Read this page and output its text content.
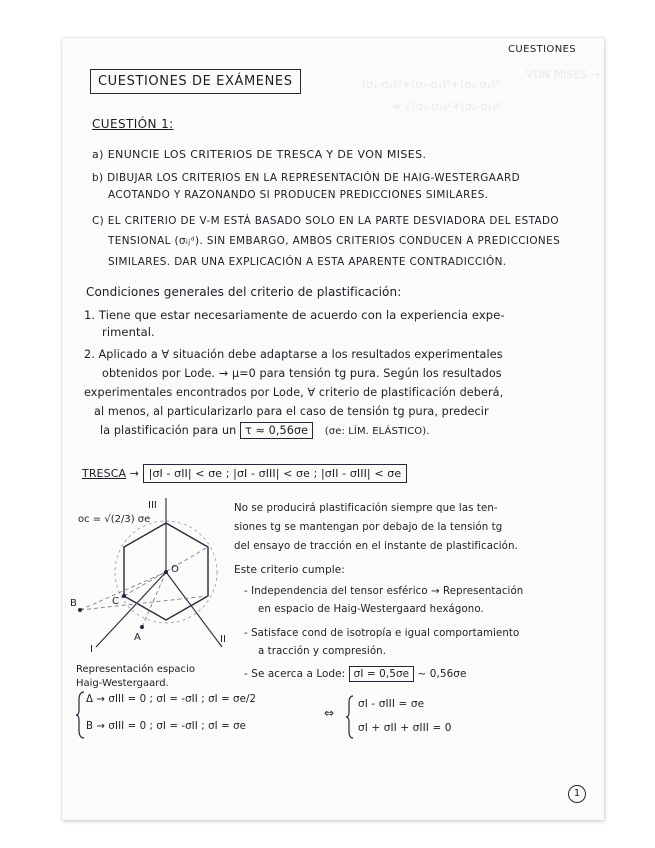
VON MISES →
(σ₁-σ₂)²+(σ₂-σ₃)²+(σ₃-σ₁)²
= √(σ₁-σ₂)²+(σ₂-σ₃)²
CUESTIONES
CUESTIONES DE EXÁMENES
CUESTIÓN 1:
a) ENUNCIE LOS CRITERIOS DE TRESCA Y DE VON MISES.
b) DIBUJAR LOS CRITERIOS EN LA REPRESENTACIÓN DE HAIG-WESTERGAARD
ACOTANDO Y RAZONANDO SI PRODUCEN PREDICCIONES SIMILARES.
C) EL CRITERIO DE V-M ESTÁ BASADO SOLO EN LA PARTE DESVIADORA DEL ESTADO
TENSIONAL (σᵢⱼᵈ). SIN EMBARGO, AMBOS CRITERIOS CONDUCEN A PREDICCIONES
SIMILARES. DAR UNA EXPLICACIÓN A ESTA APARENTE CONTRADICCIÓN.
Condiciones generales del criterio de plastificación:
1. Tiene que estar necesariamente de acuerdo con la experiencia expe-
rimental.
2. Aplicado a ∀ situación debe adaptarse a los resultados experimentales
obtenidos por Lode. → μ=0 para tensión tg pura. Según los resultados
experimentales encontrados por Lode, ∀ criterio de plastificación deberá,
al menos, al particularizarlo para el caso de tensión tg pura, predecir
la plastificación para un τ ≈ 0,56σe (σe: LÍM. ELÁSTICO).
TRESCA → |σI - σII| < σe ; |σI - σIII| < σe ; |σII - σIII| < σe
oc = √(2/3) σe
O
III
I
II
B	C
A
Representación espacio
Haig-Westergaard.
No se producirá plastificación siempre que las ten-
siones tg se mantengan por debajo de la tensión tg
del ensayo de tracción en el instante de plastificación.
Este criterio cumple:
- Independencia del tensor esférico → Representación
en espacio de Haig-Westergaard hexágono.
- Satisface cond de isotropía e igual comportamiento
a tracción y compresión.
- Se acerca a Lode: σI = 0,5σe ~ 0,56σe
Δ → σIII = 0 ; σI = -σII ; σI = σe/2
B → σIII = 0 ; σI = -σII ; σI = σe
⇔
σI - σIII = σe
σI + σII + σIII = 0
1
